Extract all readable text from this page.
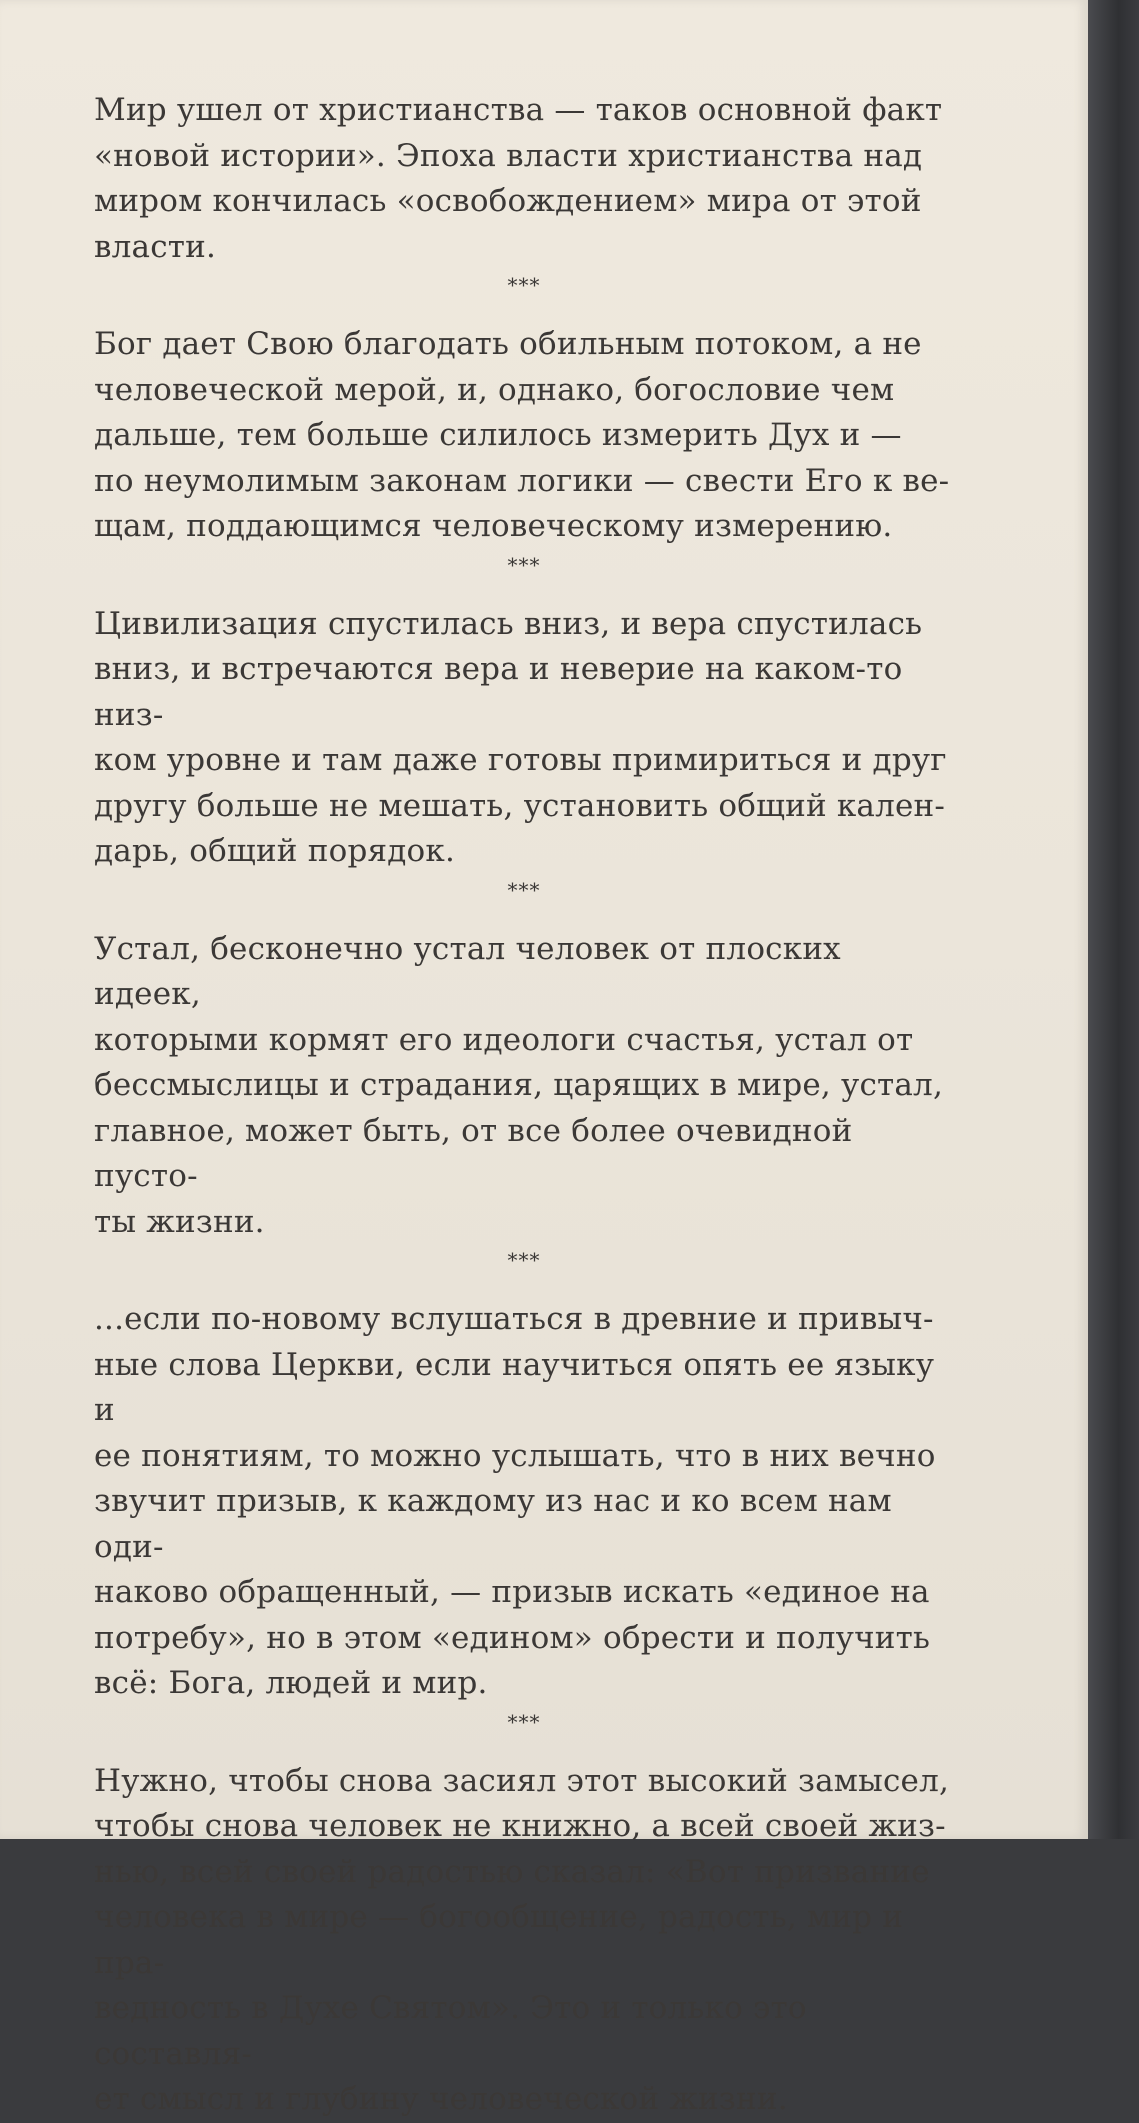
Мир ушел от христианства — таков основной факт
«новой истории». Эпоха власти христианства над
миром кончилась «освобождением» мира от этой
власти.

***

Бог дает Свою благодать обильным потоком, а не
человеческой мерой, и, однако, богословие чем
дальше, тем больше силилось измерить Дух и —
по неумолимым законам логики — свести Его к ве-
щам, поддающимся человеческому измерению.

***

Цивилизация спустилась вниз, и вера спустилась
вниз, и встречаются вера и неверие на каком-то низ-
ком уровне и там даже готовы примириться и друг
другу больше не мешать, установить общий кален-
дарь, общий порядок.

***

Устал, бесконечно устал человек от плоских идеек,
которыми кормят его идеологи счастья, устал от
бессмыслицы и страдания, царящих в мире, устал,
главное, может быть, от все более очевидной пусто-
ты жизни.

***

...если по-новому вслушаться в древние и привыч-
ные слова Церкви, если научиться опять ее языку и
ее понятиям, то можно услышать, что в них вечно
звучит призыв, к каждому из нас и ко всем нам оди-
наково обращенный, — призыв искать «единое на
потребу», но в этом «едином» обрести и получить
всё: Бога, людей и мир.

***

Нужно, чтобы снова засиял этот высокий замысел,
чтобы снова человек не книжно, а всей своей жиз-
нью, всей своей радостью сказал: «Вот призвание
человека в мире — богообщение, радость, мир и пра-
ведность в Духе Святом». Это и только это составля-
ет смысл и глубину человеческой жизни.
